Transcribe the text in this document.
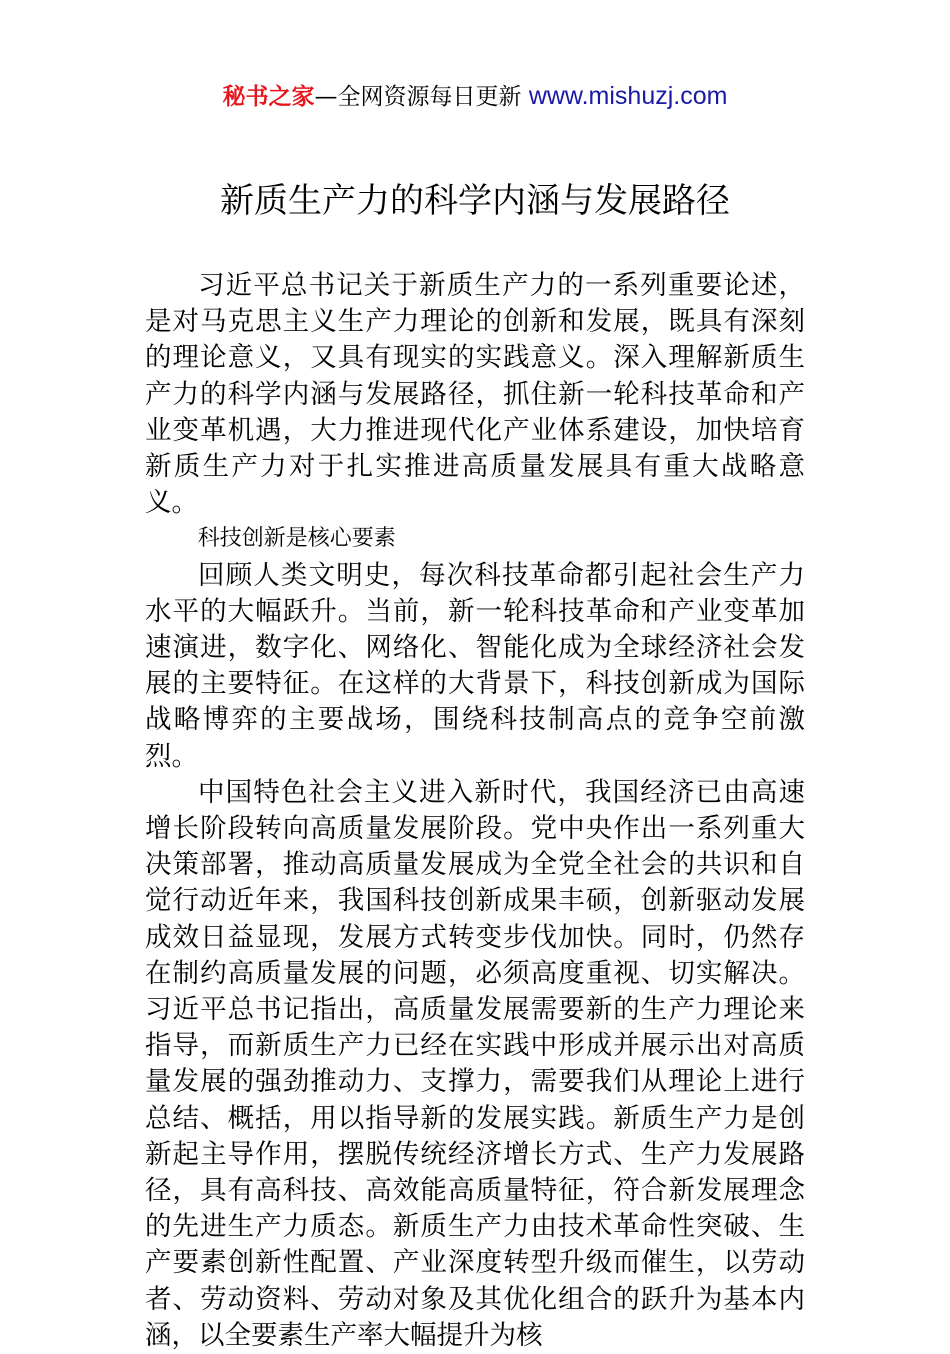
秘书之家—全网资源每日更新 www.mishuzj.com
新质生产力的科学内涵与发展路径

习近平总书记关于新质生产力的一系列重要论述，是对马克思主义生产力理论的创新和发展，既具有深刻的理论意义，又具有现实的实践意义。深入理解新质生产力的科学内涵与发展路径，抓住新一轮科技革命和产业变革机遇，大力推进现代化产业体系建设，加快培育新质生产力对于扎实推进高质量发展具有重大战略意义。

科技创新是核心要素

回顾人类文明史，每次科技革命都引起社会生产力水平的大幅跃升。当前，新一轮科技革命和产业变革加速演进，数字化、网络化、智能化成为全球经济社会发展的主要特征。在这样的大背景下，科技创新成为国际战略博弈的主要战场，围绕科技制高点的竞争空前激烈。

中国特色社会主义进入新时代，我国经济已由高速增长阶段转向高质量发展阶段。党中央作出一系列重大决策部署，推动高质量发展成为全党全社会的共识和自觉行动近年来，我国科技创新成果丰硕，创新驱动发展成效日益显现，发展方式转变步伐加快。同时，仍然存在制约高质量发展的问题，必须高度重视、切实解决。习近平总书记指出，高质量发展需要新的生产力理论来指导，而新质生产力已经在实践中形成并展示出对高质量发展的强劲推动力、支撑力，需要我们从理论上进行总结、概括，用以指导新的发展实践。新质生产力是创新起主导作用，摆脱传统经济增长方式、生产力发展路径，具有高科技、高效能高质量特征，符合新发展理念的先进生产力质态。新质生产力由技术革命性突破、生产要素创新性配置、产业深度转型升级而催生，以劳动者、劳动资料、劳动对象及其优化组合的跃升为基本内涵，以全要素生产率大幅提升为核
